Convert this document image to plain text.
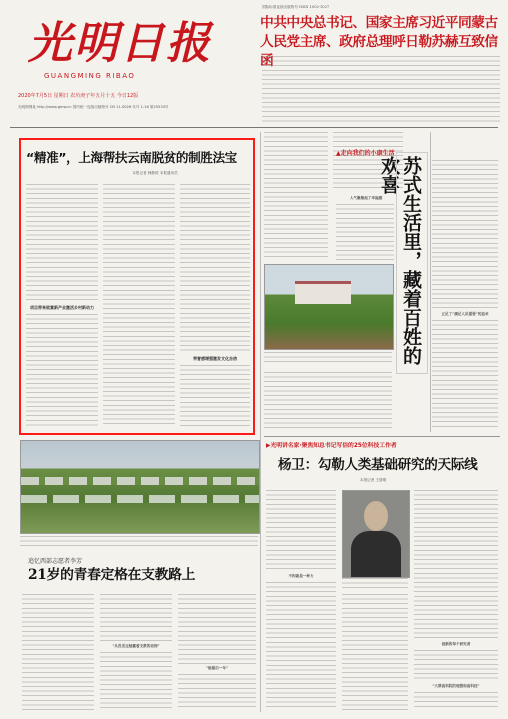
光明日报
GUANGMING RIBAO
2020年7月5日 星期日 农历庚子年五月十五 今日12版
光明网网址 http://www.gmw.cn 国内统一连续出版物号 CN 11-0026 代号 1-16 第25533号
国际标准连续出版物号 ISSN 1002-1027
中共中央总书记、国家主席习近平同蒙古
人民党主席、政府总理呼日勒苏赫互致信函
“精准”，上海帮扶云南脱贫的制胜法宝
本报记者 韩静波 本报通讯员
项目带来致富新产业激活乡村新动力
荣誉感增强激发文化自信
▲走向我们的小康生活
苏式生活里，藏着百姓的欢喜
人气聚集起了幸福感
立足丁“满足人民需要”的追求
▶光明讲名家·聚焦知总书记写信的25位科技工作者
杨卫：勾勒人类基础研究的天际线
本报记者 王德明
不拘就是一种力
创新的每个研究者
“大牌高科院的理想和高科技”
追忆西部志愿者李芳
21岁的青春定格在支教路上
“从没见过她戴着支教的老师”
“她最后一年”
